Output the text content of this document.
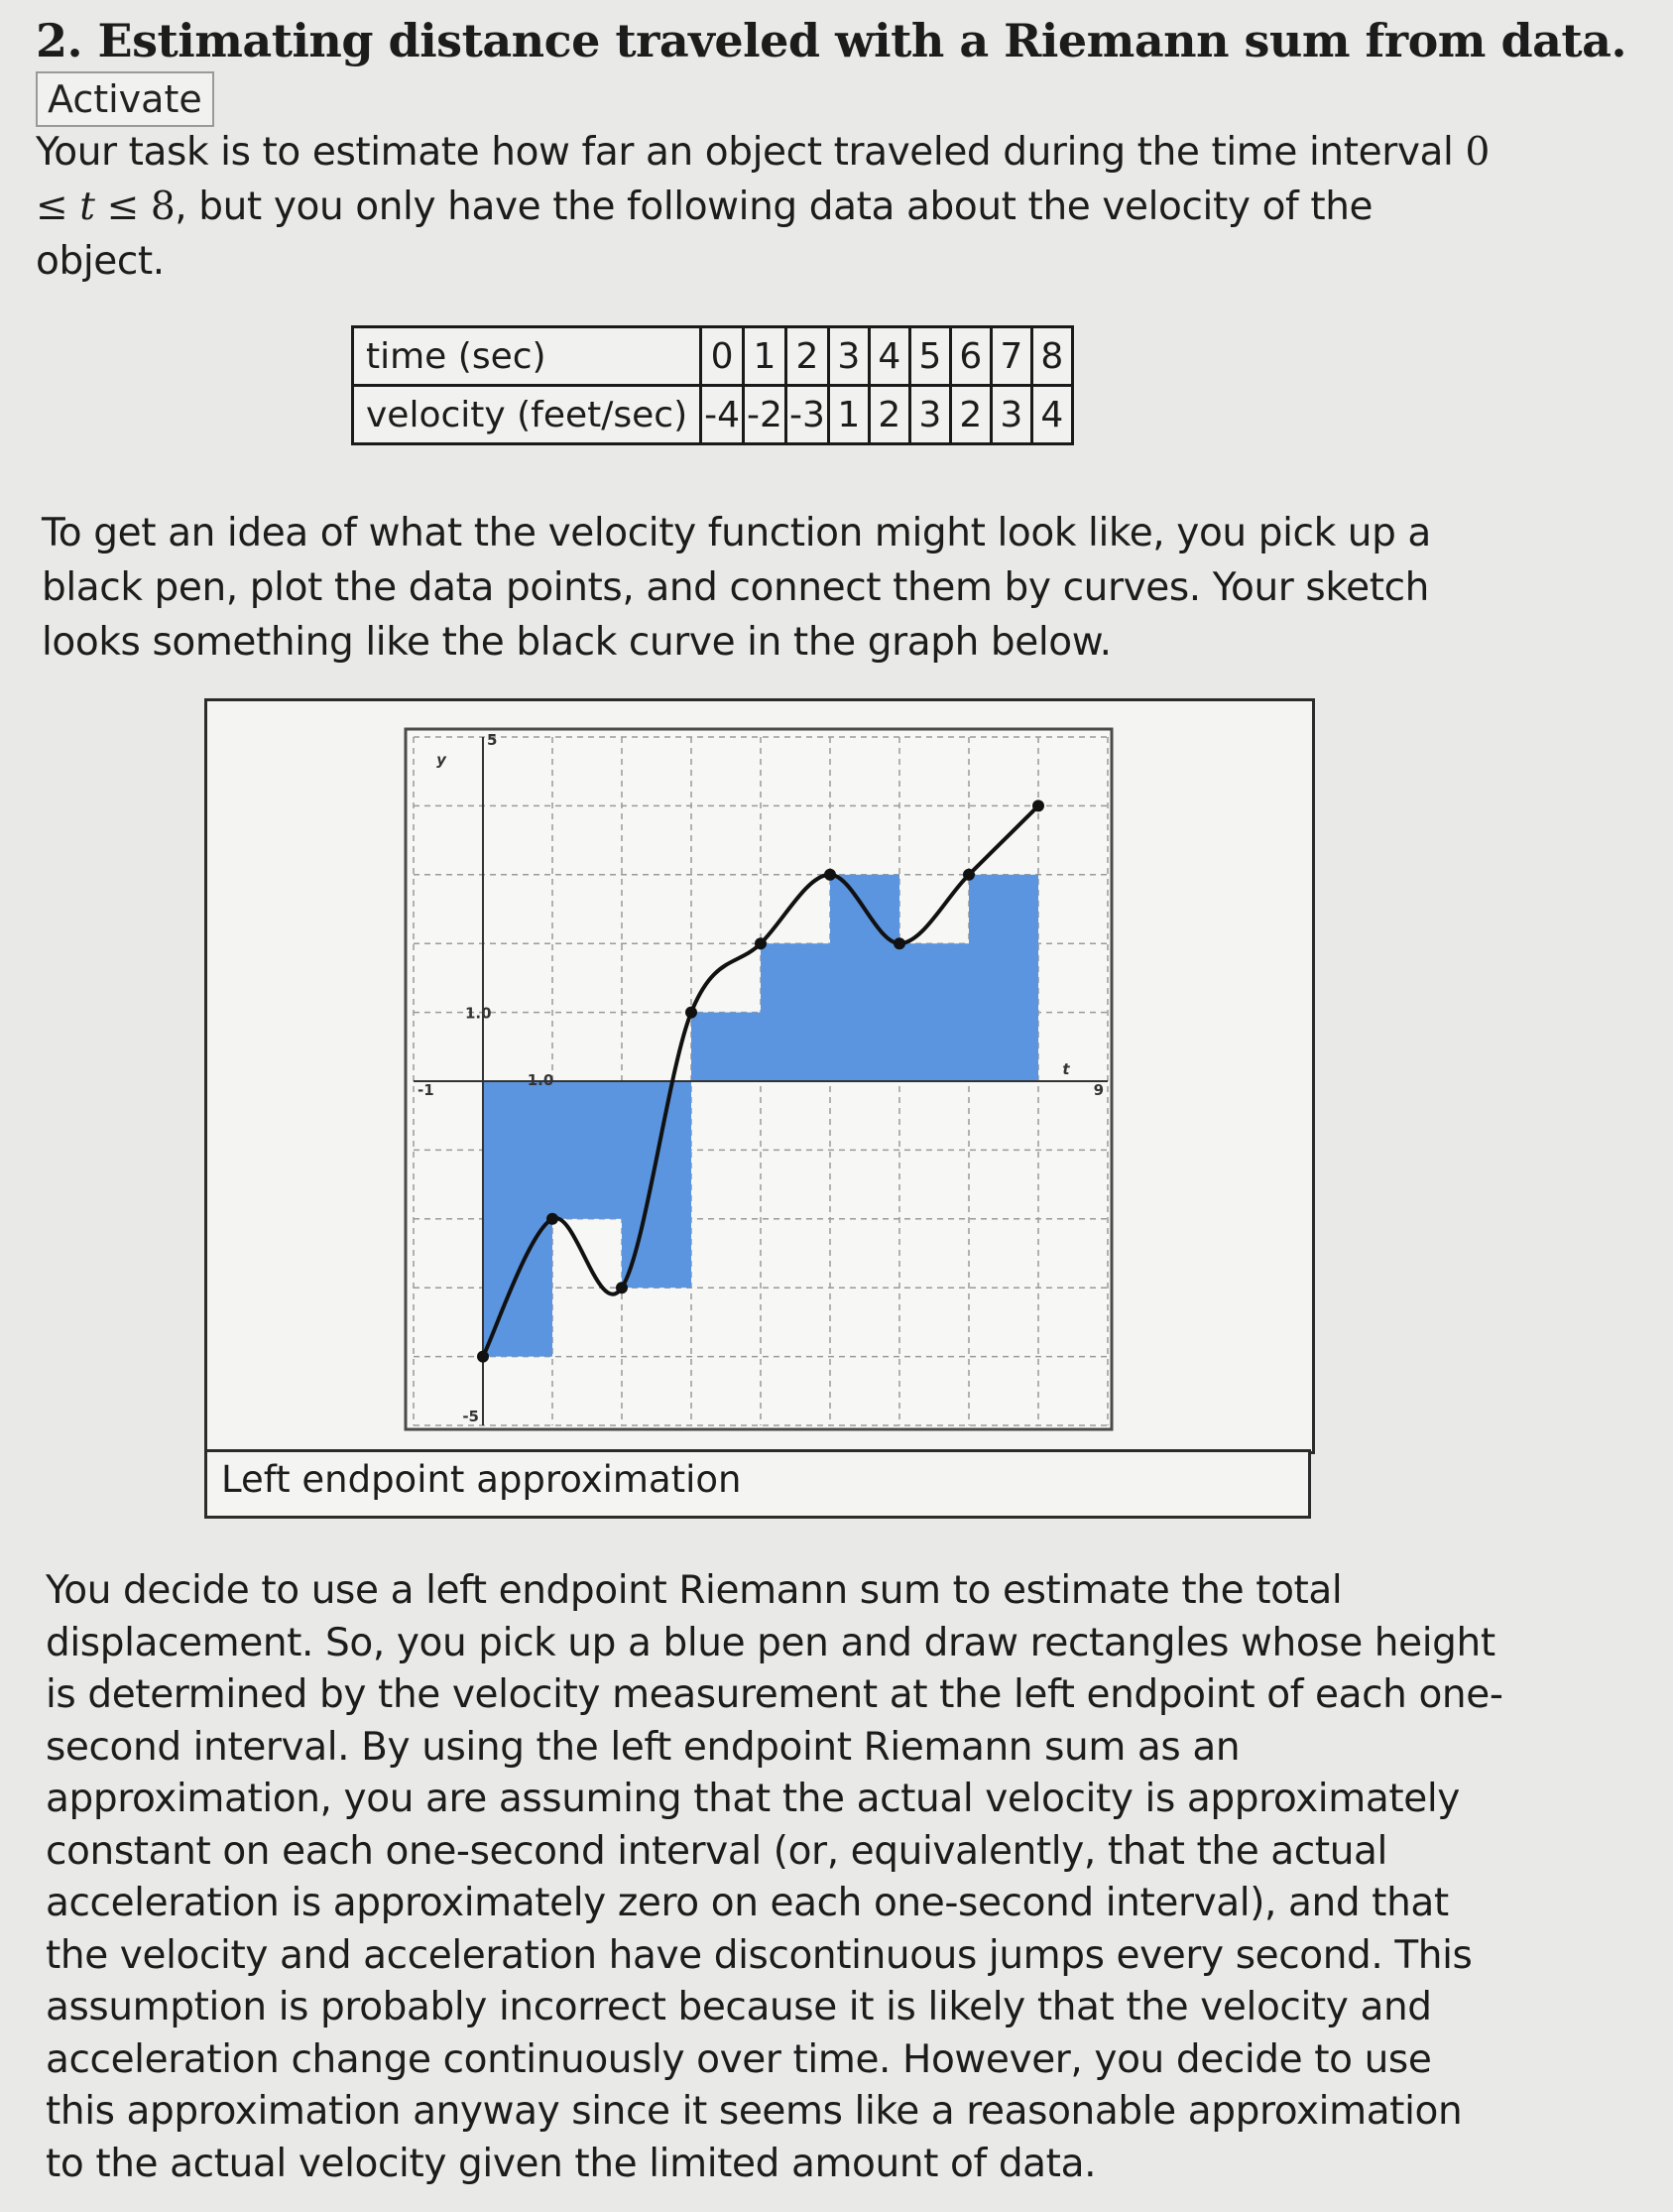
2. Estimating distance traveled with a Riemann sum from data.
Activate

Your task is to estimate how far an object traveled during the time interval 0 ≤ t ≤ 8, but you only have the following data about the velocity of the object.

time (sec)	0	1	2	3	4	5	6	7	8
velocity (feet/sec)	-4	-2	-3	1	2	3	2	3	4

To get an idea of what the velocity function might look like, you pick up a black pen, plot the data points, and connect them by curves. Your sketch looks something like the black curve in the graph below.

5
-5
1.0
1.0
-1	9
y
t
Left endpoint approximation

You decide to use a left endpoint Riemann sum to estimate the total displacement. So, you pick up a blue pen and draw rectangles whose height is determined by the velocity measurement at the left endpoint of each one-second interval. By using the left endpoint Riemann sum as an approximation, you are assuming that the actual velocity is approximately constant on each one-second interval (or, equivalently, that the actual acceleration is approximately zero on each one-second interval), and that the velocity and acceleration have discontinuous jumps every second. This assumption is probably incorrect because it is likely that the velocity and acceleration change continuously over time. However, you decide to use this approximation anyway since it seems like a reasonable approximation to the actual velocity given the limited amount of data.
